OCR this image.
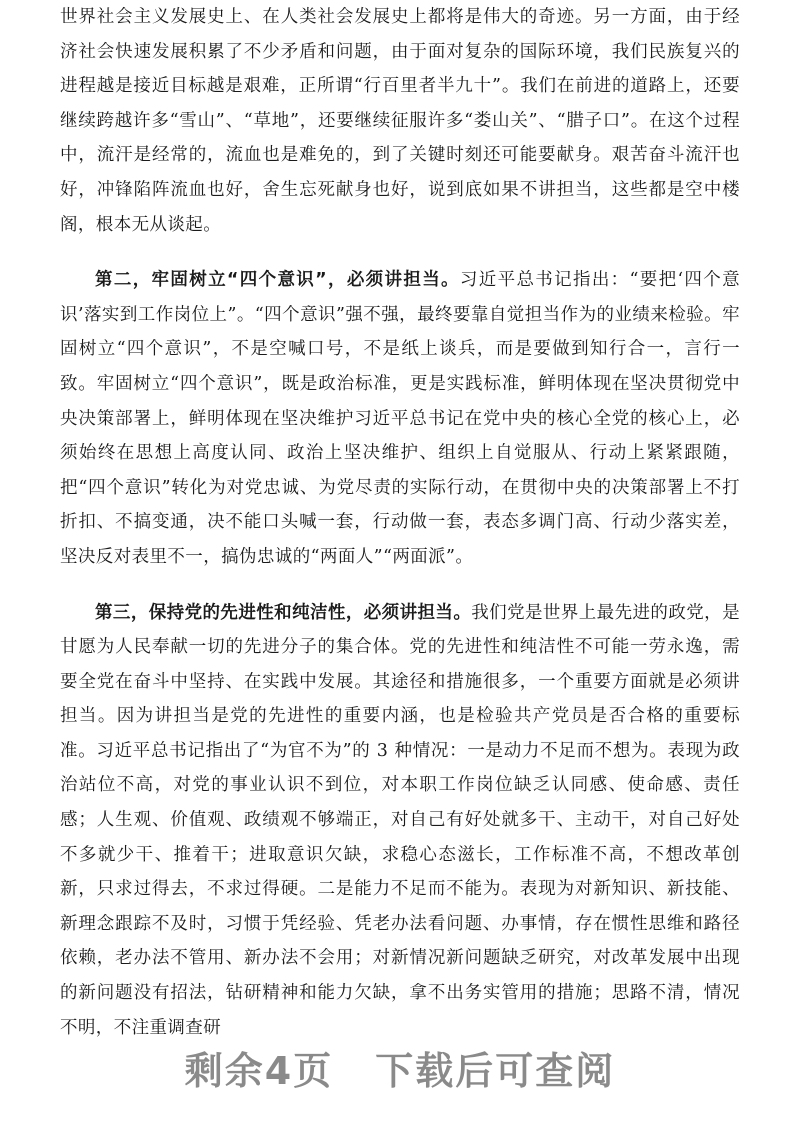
世界社会主义发展史上、在人类社会发展史上都将是伟大的奇迹。另一方面，由于经济社会快速发展积累了不少矛盾和问题，由于面对复杂的国际环境，我们民族复兴的进程越是接近目标越是艰难，正所谓“行百里者半九十”。我们在前进的道路上，还要继续跨越许多“雪山”、“草地”，还要继续征服许多“娄山关”、“腊子口”。在这个过程中，流汗是经常的，流血也是难免的，到了关键时刻还可能要献身。艰苦奋斗流汗也好，冲锋陷阵流血也好，舍生忘死献身也好，说到底如果不讲担当，这些都是空中楼阁，根本无从谈起。

第二，牢固树立“四个意识”，必须讲担当。习近平总书记指出：“要把‘四个意识’落实到工作岗位上”。“四个意识”强不强，最终要靠自觉担当作为的业绩来检验。牢固树立“四个意识”，不是空喊口号，不是纸上谈兵，而是要做到知行合一，言行一致。牢固树立“四个意识”，既是政治标准，更是实践标准，鲜明体现在坚决贯彻党中央决策部署上，鲜明体现在坚决维护习近平总书记在党中央的核心全党的核心上，必须始终在思想上高度认同、政治上坚决维护、组织上自觉服从、行动上紧紧跟随，把“四个意识”转化为对党忠诚、为党尽责的实际行动，在贯彻中央的决策部署上不打折扣、不搞变通，决不能口头喊一套，行动做一套，表态多调门高、行动少落实差，坚决反对表里不一，搞伪忠诚的“两面人”“两面派”。

第三，保持党的先进性和纯洁性，必须讲担当。我们党是世界上最先进的政党，是甘愿为人民奉献一切的先进分子的集合体。党的先进性和纯洁性不可能一劳永逸，需要全党在奋斗中坚持、在实践中发展。其途径和措施很多，一个重要方面就是必须讲担当。因为讲担当是党的先进性的重要内涵，也是检验共产党员是否合格的重要标准。习近平总书记指出了“为官不为”的 3 种情况：一是动力不足而不想为。表现为政治站位不高，对党的事业认识不到位，对本职工作岗位缺乏认同感、使命感、责任感；人生观、价值观、政绩观不够端正，对自己有好处就多干、主动干，对自己好处不多就少干、推着干；进取意识欠缺，求稳心态滋长，工作标准不高，不想改革创新，只求过得去，不求过得硬。二是能力不足而不能为。表现为对新知识、新技能、新理念跟踪不及时，习惯于凭经验、凭老办法看问题、办事情，存在惯性思维和路径依赖，老办法不管用、新办法不会用；对新情况新问题缺乏研究，对改革发展中出现的新问题没有招法，钻研精神和能力欠缺，拿不出务实管用的措施；思路不清，情况不明，不注重调查研

剩余4页 下载后可查阅
